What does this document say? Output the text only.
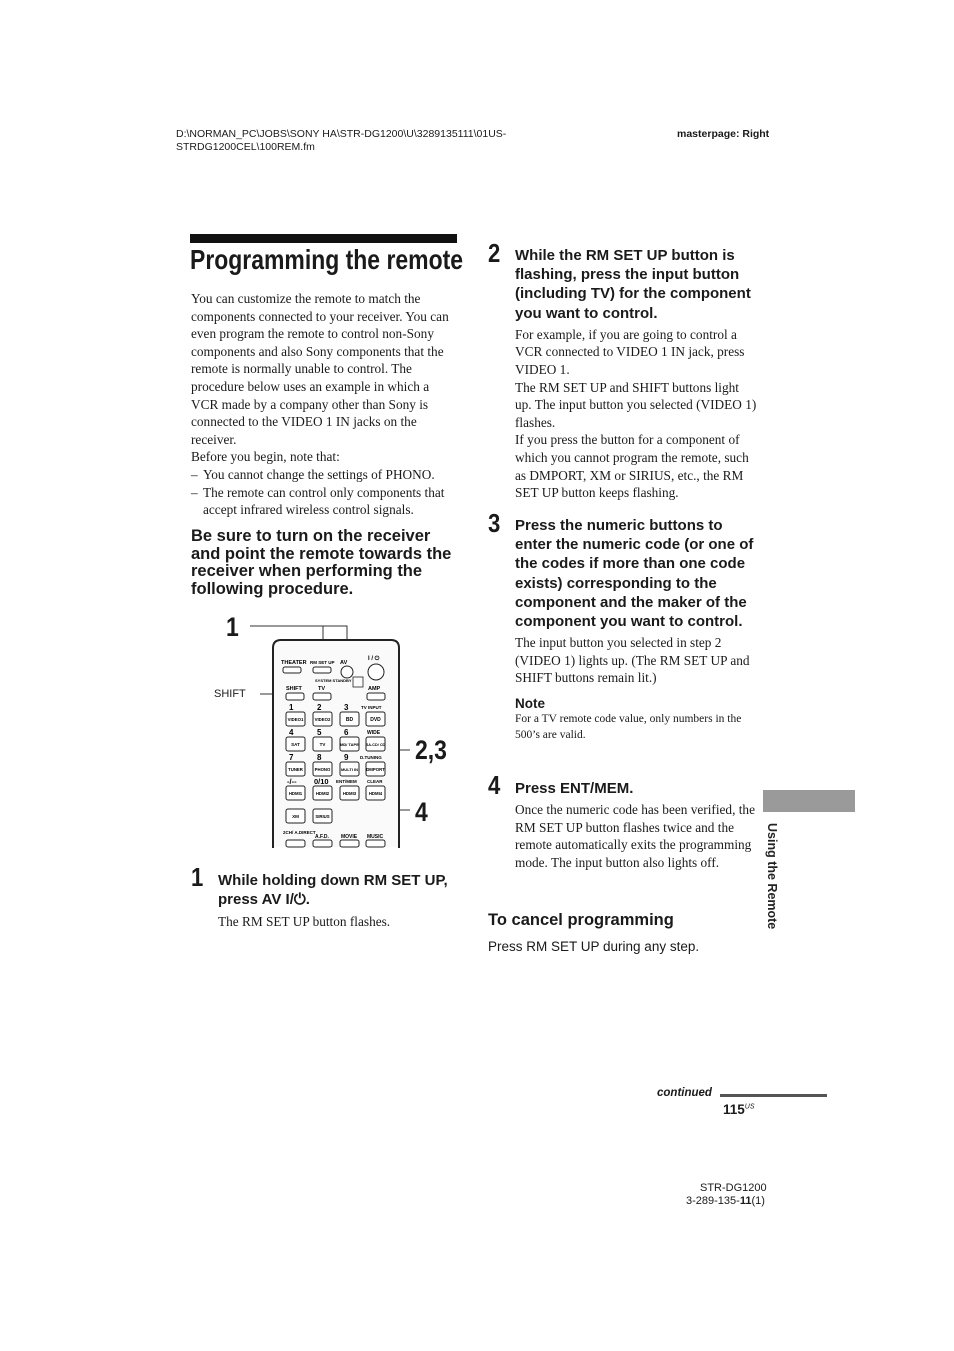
D:\NORMAN_PC\JOBS\SONY HA\STR-DG1200\U\3289135111\01US-
STRDG1200CEL\100REM.fm
masterpage: Right
Programming the remote
You can customize the remote to match the components connected to your receiver. You can even program the remote to control non-Sony components and also Sony components that the remote is normally unable to control. The procedure below uses an example in which a VCR made by a company other than Sony is connected to the VIDEO 1 IN jacks on the receiver.
Before you begin, note that:
– You cannot change the settings of PHONO.
– The remote can control only components that accept infrared wireless control signals.
Be sure to turn on the receiver and point the remote towards the receiver when performing the following procedure.
THEATER RM SET UP AV
I / ⏻
SYSTEM STANDBY
SHIFT	TV	AMP
1	2	3	TV INPUT
VIDEO1	VIDEO2	BD	DVD
4	5	6	WIDE
SAT	TV	MD/ TAPE SA-CD/ CD
7	8	9	D.TUNING
TUNER	PHONO	MULTI IN DMPORT
-/-- 0/10 ENT/MEM CLEAR
HDMI1	HDMI2	HDMI3	HDMI4
XM	SIRIUS
2CH/ A.DIRECT
A.F.D. MOVIE MUSIC
1
2,3
4
SHIFT
1 While holding down RM SET UP, press AV I/⏻.
The RM SET UP button flashes.
2 While the RM SET UP button is flashing, press the input button (including TV) for the component you want to control.
For example, if you are going to control a VCR connected to VIDEO 1 IN jack, press VIDEO 1.
The RM SET UP and SHIFT buttons light up. The input button you selected (VIDEO 1) flashes.
If you press the button for a component of which you cannot program the remote, such as DMPORT, XM or SIRIUS, etc., the RM SET UP button keeps flashing.
3 Press the numeric buttons to enter the numeric code (or one of the codes if more than one code exists) corresponding to the component and the maker of the component you want to control.
The input button you selected in step 2 (VIDEO 1) lights up. (The RM SET UP and SHIFT buttons remain lit.)
Note
For a TV remote code value, only numbers in the 500’s are valid.
4 Press ENT/MEM.
Once the numeric code has been verified, the RM SET UP button flashes twice and the remote automatically exits the programming mode. The input button also lights off.
To cancel programming
Press RM SET UP during any step.
Using the Remote
continued
$115^{US}$
STR-DG1200
3-289-135-11(1)
